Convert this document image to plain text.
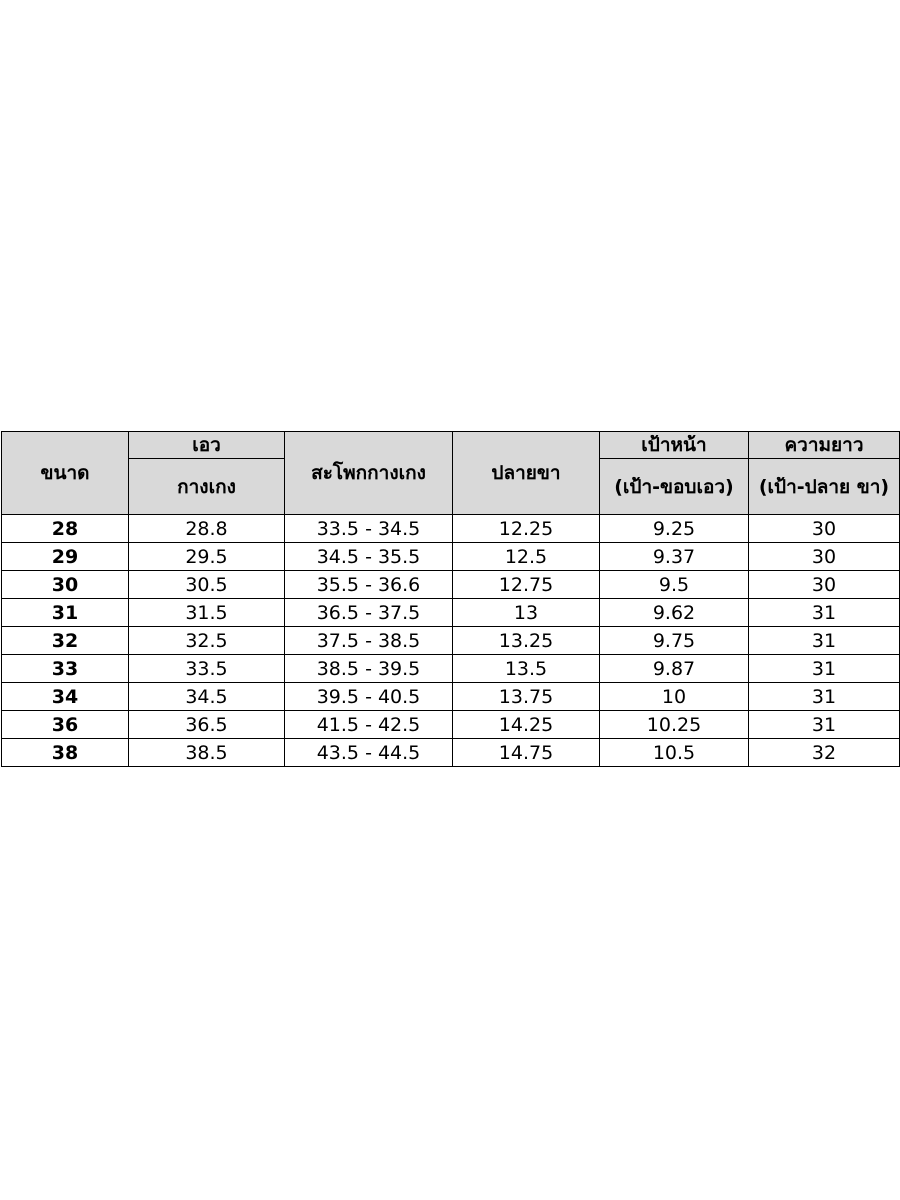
ขนาด	เอว	สะโพกกางเกง	ปลายขา	เป้าหน้า	ความยาว
	กางเกง			(เป้า-ขอบเอว)	(เป้า-ปลาย ขา)
28	28.8	33.5 - 34.5	12.25	9.25	30
29	29.5	34.5 - 35.5	12.5	9.37	30
30	30.5	35.5 - 36.6	12.75	9.5	30
31	31.5	36.5 - 37.5	13	9.62	31
32	32.5	37.5 - 38.5	13.25	9.75	31
33	33.5	38.5 - 39.5	13.5	9.87	31
34	34.5	39.5 - 40.5	13.75	10	31
36	36.5	41.5 - 42.5	14.25	10.25	31
38	38.5	43.5 - 44.5	14.75	10.5	32
